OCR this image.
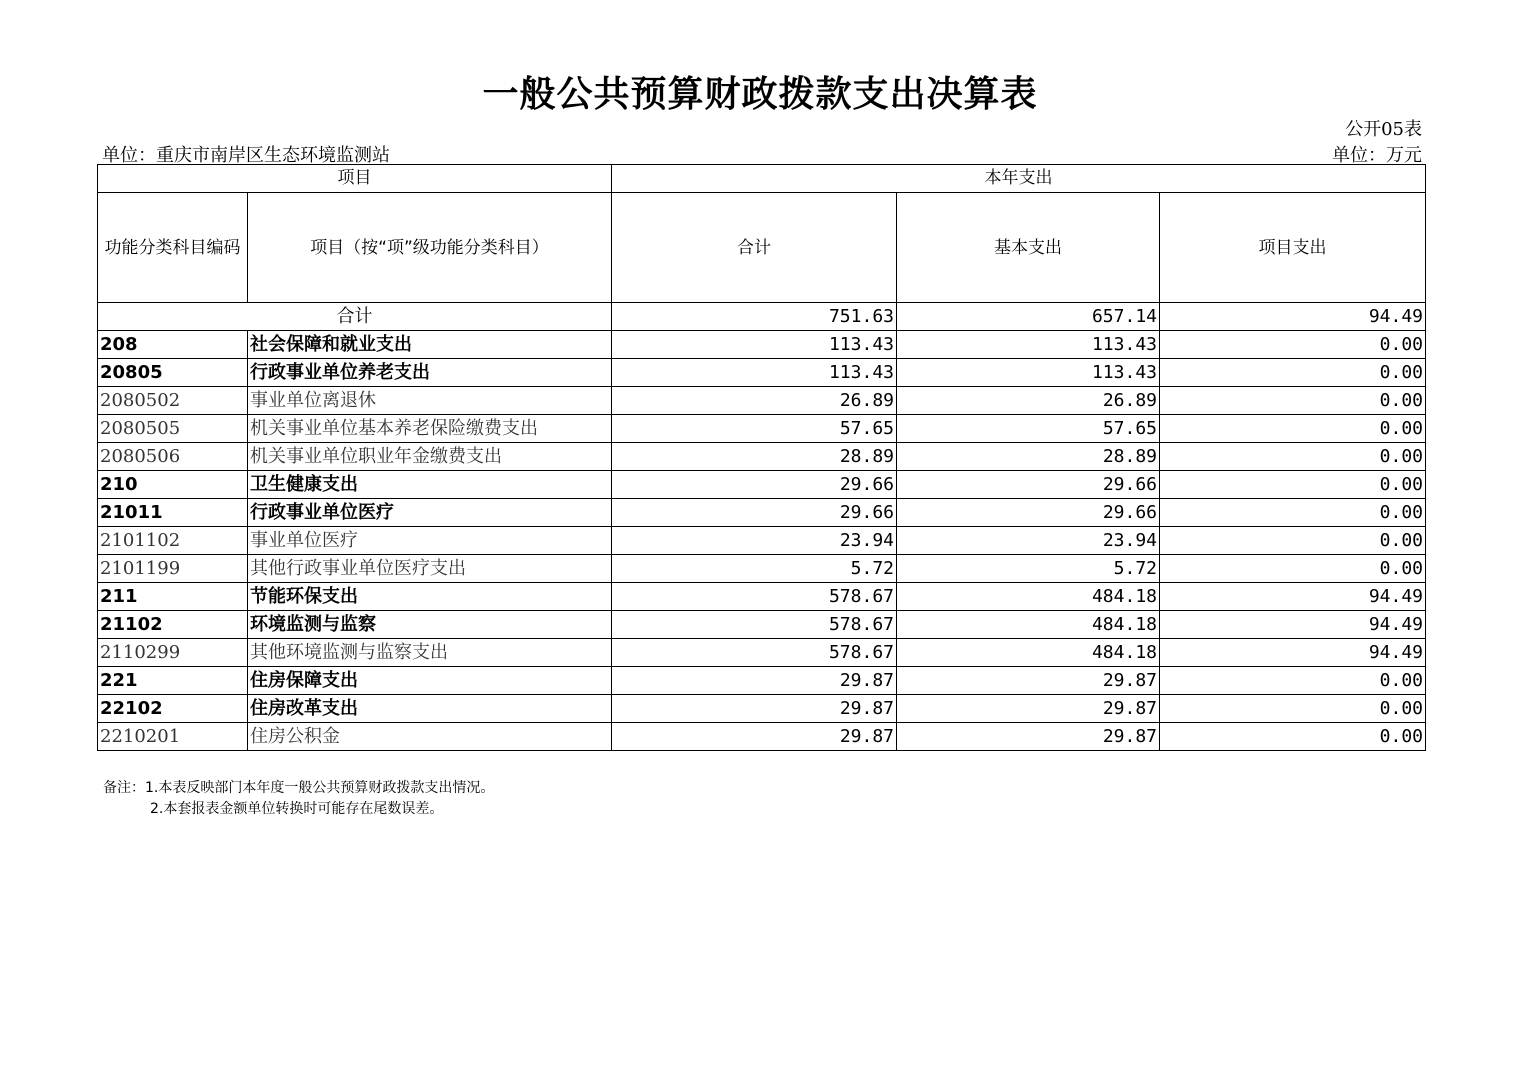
一般公共预算财政拨款支出决算表
公开05表
单位：重庆市南岸区生态环境监测站	单位：万元
项目		本年支出		
功能分类科目编码	项目（按“项”级功能分类科目）	合计	基本支出	项目支出
合计		751.63	657.14	94.49
208	社会保障和就业支出	113.43	113.43	0.00
20805	行政事业单位养老支出	113.43	113.43	0.00
2080502	事业单位离退休	26.89	26.89	0.00
2080505	机关事业单位基本养老保险缴费支出	57.65	57.65	0.00
2080506	机关事业单位职业年金缴费支出	28.89	28.89	0.00
210	卫生健康支出	29.66	29.66	0.00
21011	行政事业单位医疗	29.66	29.66	0.00
2101102	事业单位医疗	23.94	23.94	0.00
2101199	其他行政事业单位医疗支出	5.72	5.72	0.00
211	节能环保支出	578.67	484.18	94.49
21102	环境监测与监察	578.67	484.18	94.49
2110299	其他环境监测与监察支出	578.67	484.18	94.49
221	住房保障支出	29.87	29.87	0.00
22102	住房改革支出	29.87	29.87	0.00
2210201	住房公积金	29.87	29.87	0.00
备注：1.本表反映部门本年度一般公共预算财政拨款支出情况。
2.本套报表金额单位转换时可能存在尾数误差。
